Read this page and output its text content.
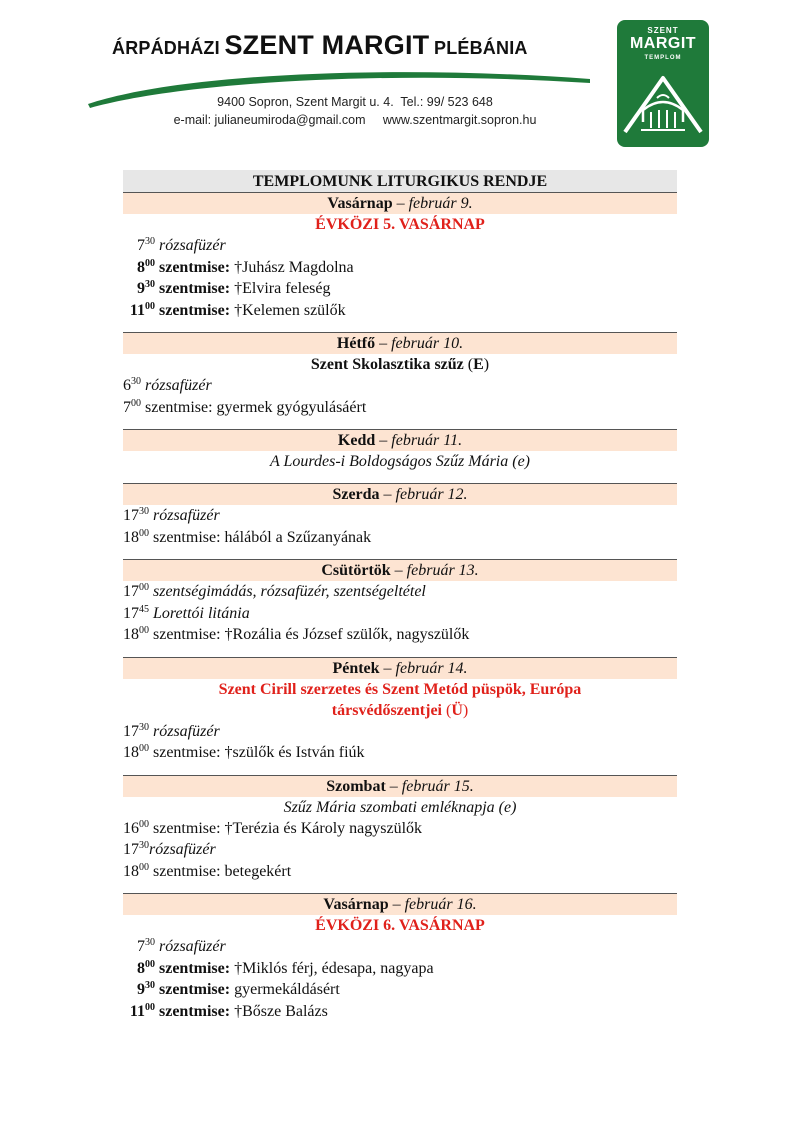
ÁRPÁDHÁZI SZENT MARGIT PLÉBÁNIA
9400 Sopron, Szent Margit u. 4.  Tel.: 99/ 523 648
e-mail: julianeumiroda@gmail.com     www.szentmargit.sopron.hu
SZENT
MARGIT
TEMPLOM
TEMPLOMUNK LITURGIKUS RENDJE
Vasárnap – február 9.
ÉVKÖZI 5. VASÁRNAP
$7^{30}$ rózsafüzér
$8^{00}$ szentmise: †Juhász Magdolna
$9^{30}$ szentmise: †Elvira feleség
$11^{00}$ szentmise: †Kelemen szülők
Hétfő – február 10.
Szent Skolasztika szűz (E)
$6^{30}$ rózsafüzér
$7^{00}$ szentmise: gyermek gyógyulásáért
Kedd – február 11.
A Lourdes-i Boldogságos Szűz Mária (e)
Szerda – február 12.
$17^{30}$ rózsafüzér
$18^{00}$ szentmise: hálából a Szűzanyának
Csütörtök – február 13.
$17^{00}$ szentségimádás, rózsafüzér, szentségeltétel
$17^{45}$ Lorettói litánia
$18^{00}$ szentmise: †Rozália és József szülők, nagyszülők
Péntek – február 14.
Szent Cirill szerzetes és Szent Metód püspök, Európa
társvédőszentjei (Ü)
$17^{30}$ rózsafüzér
$18^{00}$ szentmise: †szülők és István fiúk
Szombat – február 15.
Szűz Mária szombati emléknapja (e)
$16^{00}$ szentmise: †Terézia és Károly nagyszülők
$17^{30}rózsafüzér$
$18^{00}$ szentmise: betegekért
Vasárnap – február 16.
ÉVKÖZI 6. VASÁRNAP
$7^{30}$ rózsafüzér
$8^{00}$ szentmise: †Miklós férj, édesapa, nagyapa
$9^{30}$ szentmise: gyermekáldásért
$11^{00}$ szentmise: †Bősze Balázs
